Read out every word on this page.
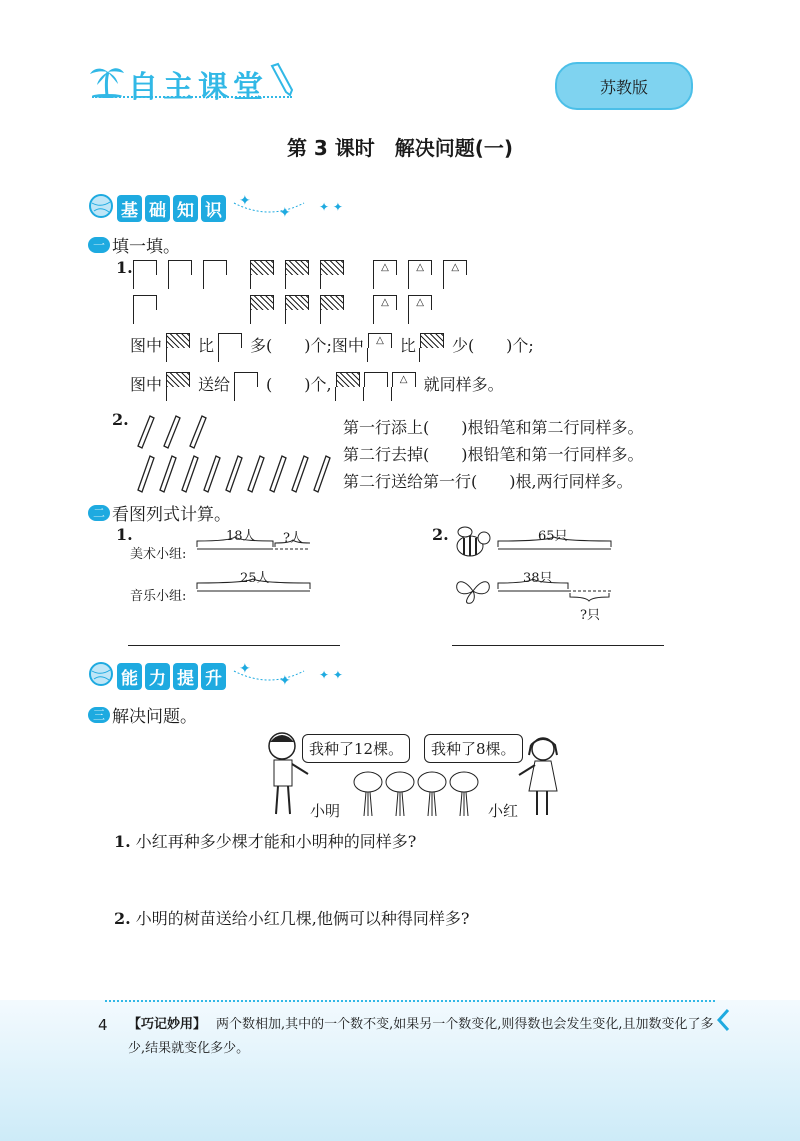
自主课堂	苏教版
第 3 课时　解决问题(一)
基 础 知 识 ✦
✦ ✦ ✦
一 填一填。
1.

	△	△	△

△	△
图中 比 多(　　)个;图中	△	比 少(　　)个;
图中 送给 (　　)个,	△	就同样多。
2.	第一行添上(　　)根铅笔和第二行同样多。
第二行去掉(　　)根铅笔和第一行同样多。
第二行送给第一行(　　)根,两行同样多。
二 看图列式计算。
1.
美术小组:
18人 ?人
音乐小组:
25人
2.	65只
38只
?只
能 力 提 升 ✦
✦ ✦ ✦
三 解决问题。
我种了12棵。	我种了8棵。
小明	小红
1. 小红再种多少棵才能和小明种的同样多?
2. 小明的树苗送给小红几棵,他俩可以种得同样多?
4 【巧记妙用】 两个数相加,其中的一个数不变,如果另一个数变化,则得数也会发生变化,且加数变化了多少,结果就变化多少。
